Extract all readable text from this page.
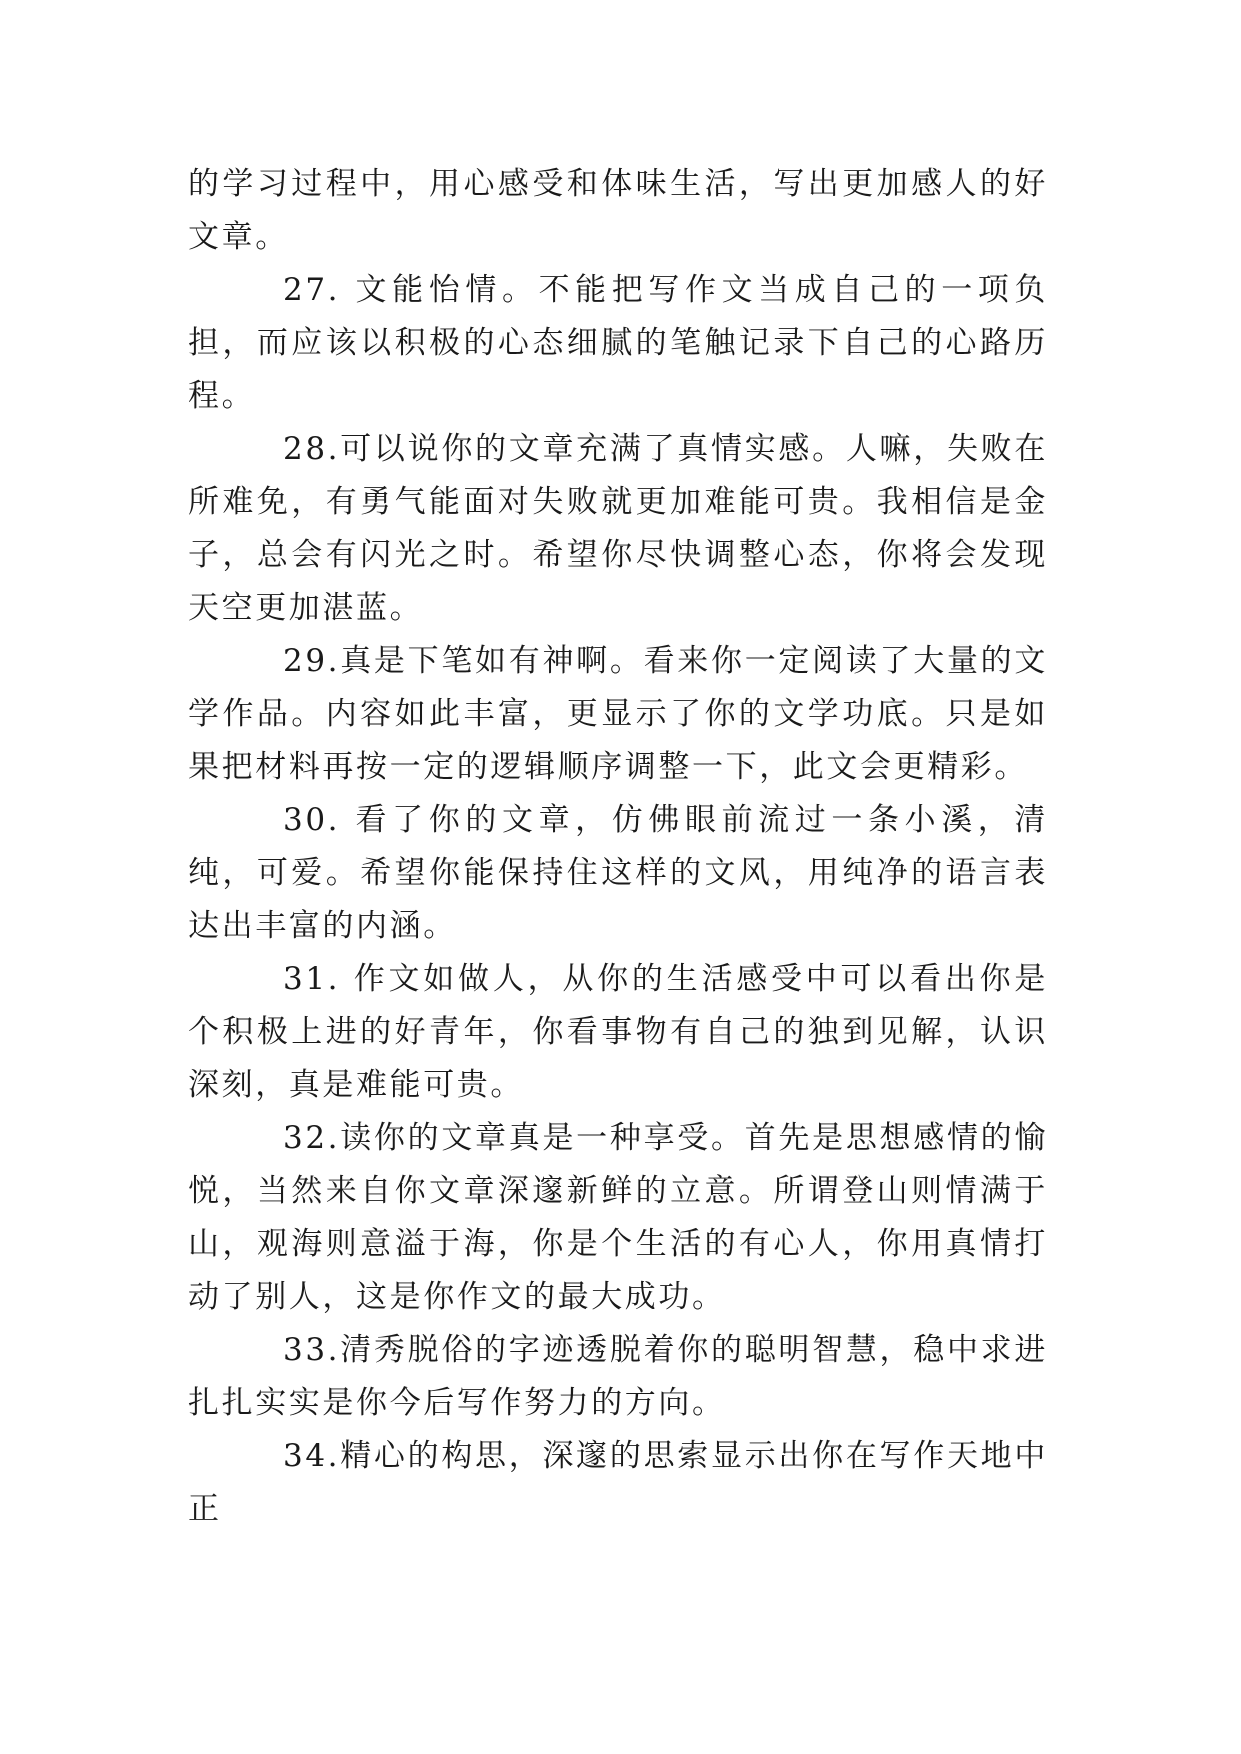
的学习过程中，用心感受和体味生活，写出更加感人的好文章。

27. 文能怡情。不能把写作文当成自己的一项负担，而应该以积极的心态细腻的笔触记录下自己的心路历程。

28.可以说你的文章充满了真情实感。人嘛，失败在所难免，有勇气能面对失败就更加难能可贵。我相信是金子，总会有闪光之时。希望你尽快调整心态，你将会发现天空更加湛蓝。

29.真是下笔如有神啊。看来你一定阅读了大量的文学作品。内容如此丰富，更显示了你的文学功底。只是如果把材料再按一定的逻辑顺序调整一下，此文会更精彩。

30. 看了你的文章，仿佛眼前流过一条小溪，清纯，可爱。希望你能保持住这样的文风，用纯净的语言表达出丰富的内涵。

31. 作文如做人，从你的生活感受中可以看出你是个积极上进的好青年，你看事物有自己的独到见解，认识深刻，真是难能可贵。

32.读你的文章真是一种享受。首先是思想感情的愉悦，当然来自你文章深邃新鲜的立意。所谓登山则情满于山，观海则意溢于海，你是个生活的有心人，你用真情打动了别人，这是你作文的最大成功。

33.清秀脱俗的字迹透脱着你的聪明智慧，稳中求进扎扎实实是你今后写作努力的方向。

34.精心的构思，深邃的思索显示出你在写作天地中正
